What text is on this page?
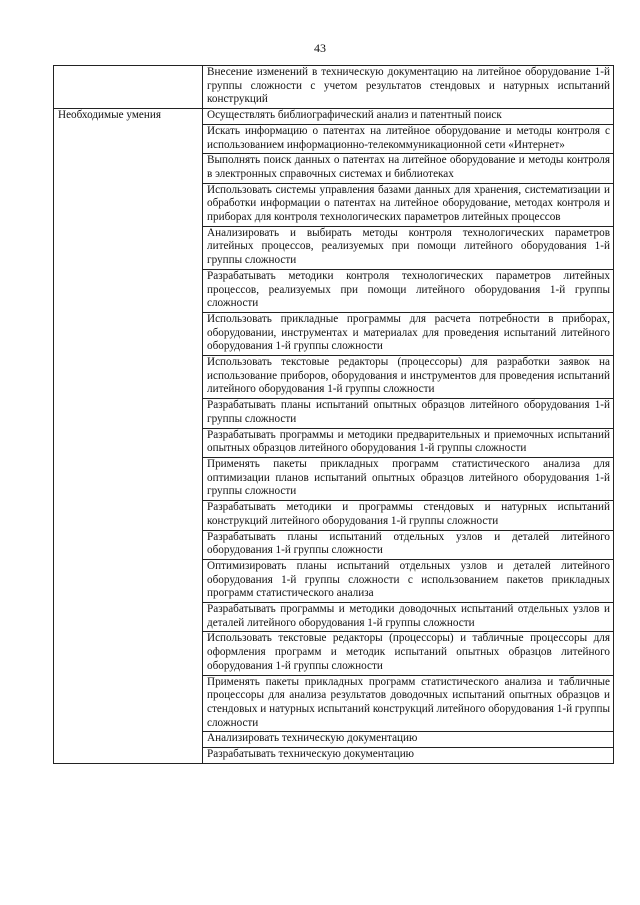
43
	Внесение изменений в техническую документацию на литейное оборудование 1-й группы сложности с учетом результатов стендовых и натурных испытаний конструкций
Необходимые умения	Осуществлять библиографический анализ и патентный поиск
	Искать информацию о патентах на литейное оборудование и методы контроля с использованием информационно-телекоммуникационной сети «Интернет»
	Выполнять поиск данных о патентах на литейное оборудование и методы контроля в электронных справочных системах и библиотеках
	Использовать системы управления базами данных для хранения, систематизации и обработки информации о патентах на литейное оборудование, методах контроля и приборах для контроля технологических параметров литейных процессов
	Анализировать и выбирать методы контроля технологических параметров литейных процессов, реализуемых при помощи литейного оборудования 1-й группы сложности
	Разрабатывать методики контроля технологических параметров литейных процессов, реализуемых при помощи литейного оборудования 1-й группы сложности
	Использовать прикладные программы для расчета потребности в приборах, оборудовании, инструментах и материалах для проведения испытаний литейного оборудования 1-й группы сложности
	Использовать текстовые редакторы (процессоры) для разработки заявок на использование приборов, оборудования и инструментов для проведения испытаний литейного оборудования 1-й группы сложности
	Разрабатывать планы испытаний опытных образцов литейного оборудования 1-й группы сложности
	Разрабатывать программы и методики предварительных и приемочных испытаний опытных образцов литейного оборудования 1-й группы сложности
	Применять пакеты прикладных программ статистического анализа для оптимизации планов испытаний опытных образцов литейного оборудования 1-й группы сложности
	Разрабатывать методики и программы стендовых и натурных испытаний конструкций литейного оборудования 1-й группы сложности
	Разрабатывать планы испытаний отдельных узлов и деталей литейного оборудования 1-й группы сложности
	Оптимизировать планы испытаний отдельных узлов и деталей литейного оборудования 1-й группы сложности с использованием пакетов прикладных программ статистического анализа
	Разрабатывать программы и методики доводочных испытаний отдельных узлов и деталей литейного оборудования 1-й группы сложности
	Использовать текстовые редакторы (процессоры) и табличные процессоры для оформления программ и методик испытаний опытных образцов литейного оборудования 1-й группы сложности
	Применять пакеты прикладных программ статистического анализа и табличные процессоры для анализа результатов доводочных испытаний опытных образцов и стендовых и натурных испытаний конструкций литейного оборудования 1-й группы сложности
	Анализировать техническую документацию
	Разрабатывать техническую документацию
